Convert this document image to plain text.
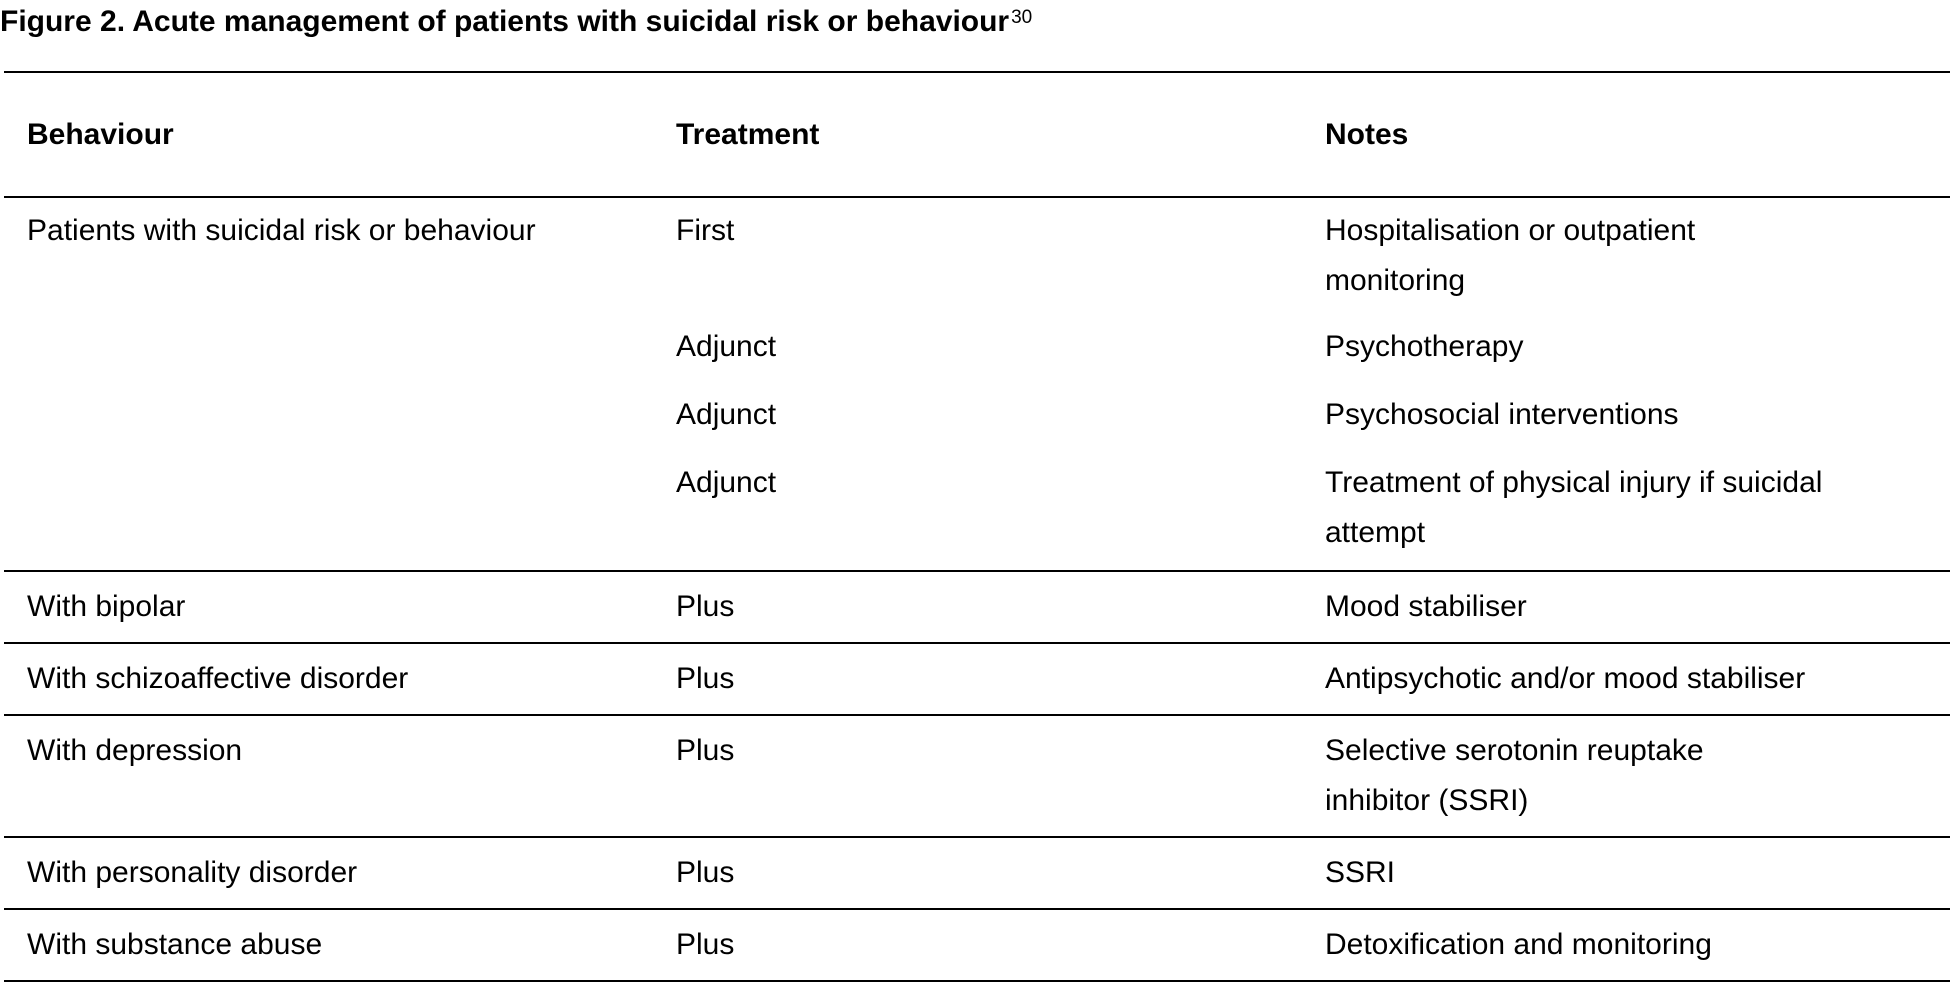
Figure 2. Acute management of patients with suicidal risk or behaviour $^{30}$
Behaviour	Treatment	Notes
Patients with suicidal risk or behaviour	First	Hospitalisation or outpatient monitoring
	Adjunct	Psychotherapy
	Adjunct	Psychosocial interventions
	Adjunct	Treatment of physical injury if suicidal attempt
With bipolar	Plus	Mood stabiliser
With schizoaffective disorder	Plus	Antipsychotic and/or mood stabiliser
With depression	Plus	Selective serotonin reuptake inhibitor (SSRI)
With personality disorder	Plus	SSRI
With substance abuse	Plus	Detoxification and monitoring
